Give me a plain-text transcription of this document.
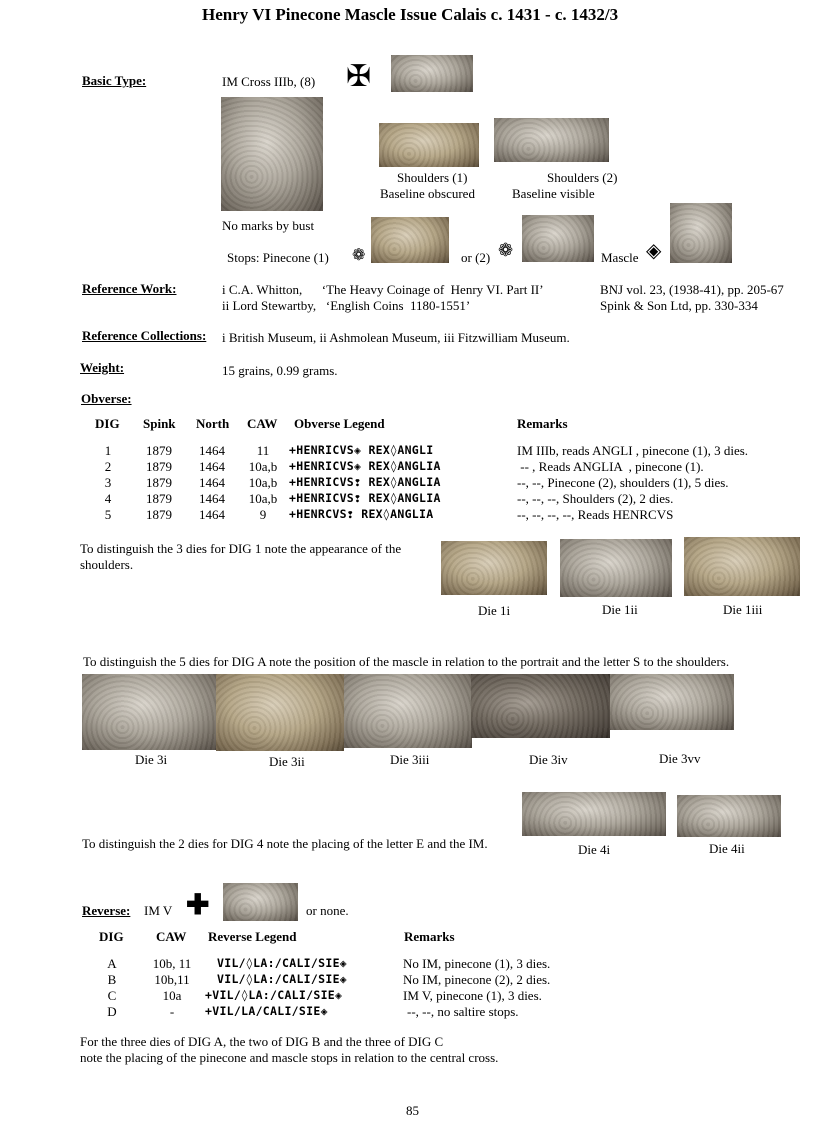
Henry VI Pinecone Mascle Issue Calais c. 1431 - c. 1432/3
Basic Type:	IM Cross IIIb, (8) ✠
Shoulders (1)
Baseline obscured
Shoulders (2)
Baseline visible
No marks by bust
Stops: Pinecone (1) ❁	or (2) ❁	Mascle ◈
Reference Work:	i C.A. Whitton,      ‘The Heavy Coinage of  Henry VI. Part II’	BNJ vol. 23, (1938-41), pp. 205-67
ii Lord Stewartby,   ‘English Coins  1180-1551’	Spink & Son Ltd, pp. 330-334
Reference Collections: i British Museum, ii Ashmolean Museum, iii Fitzwilliam Museum.
Weight:	15 grains, 0.99 grams.
Obverse:
DIG Spink North CAW Obverse Legend	Remarks
1	1879 1464	11	+HENRICVS◈ REX◊ANGLI	IM IIIb, reads ANGLI , pinecone (1), 3 dies.
2	1879 1464	10a,b	+HENRICVS◈ REX◊ANGLIA	-- , Reads ANGLIA  , pinecone (1).
3	1879 1464	10a,b	+HENRICVS❢ REX◊ANGLIA	--, --, Pinecone (2), shoulders (1), 5 dies.
4	1879 1464	10a,b	+HENRICVS❢ REX◊ANGLIA	--, --, --, Shoulders (2), 2 dies.
5	1879 1464	9	+HENRCVS❢ REX◊ANGLIA	--, --, --, --, Reads HENRCVS
To distinguish the 3 dies for DIG 1 note the appearance of the
shoulders.
Die 1i	Die 1ii	Die 1iii
To distinguish the 5 dies for DIG A note the position of the mascle in relation to the portrait and the letter S to the shoulders.
Die 3i	Die 3ii	Die 3iii	Die 3iv	Die 3vv
To distinguish the 2 dies for DIG 4 note the placing of the letter E and the IM.	Die 4i	Die 4ii
Reverse: IM V ✚	or none.
DIG CAW Reverse Legend	Remarks
A	10b, 11	VIL/◊LA:/CALI/SIE◈	No IM, pinecone (1), 3 dies.
B	10b,11	VIL/◊LA:/CALI/SIE◈	No IM, pinecone (2), 2 dies.
C	10a	+VIL/◊LA:/CALI/SIE◈	IM V, pinecone (1), 3 dies.
D	-	+VIL/LA/CALI/SIE◈	--, --, no saltire stops.
For the three dies of DIG A, the two of DIG B and the three of DIG C
note the placing of the pinecone and mascle stops in relation to the central cross.
85
